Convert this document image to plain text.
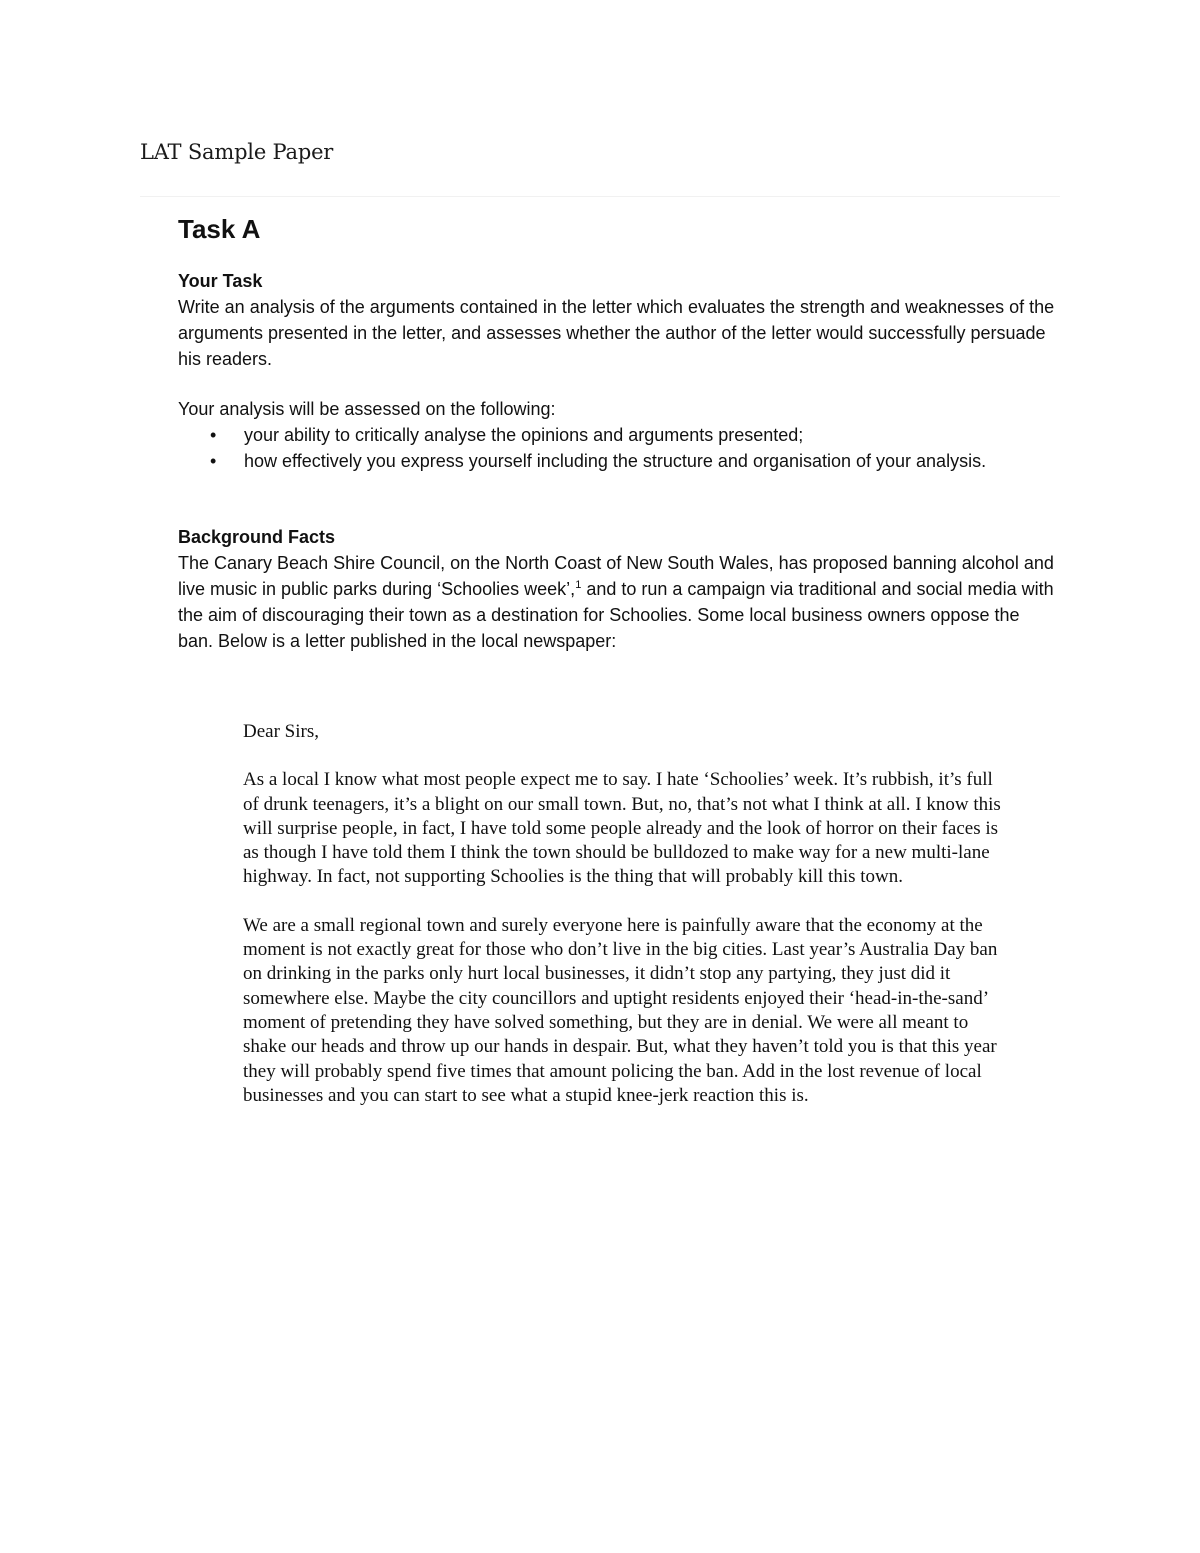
LAT Sample Paper
Task A
Your Task

Write an analysis of the arguments contained in the letter which evaluates the strength and weaknesses of the arguments presented in the letter, and assesses whether the author of the letter would successfully persuade his readers.

Your analysis will be assessed on the following:

• your ability to critically analyse the opinions and arguments presented;
• how effectively you express yourself including the structure and organisation of your analysis.
Background Facts

The Canary Beach Shire Council, on the North Coast of New South Wales, has proposed banning alcohol and live music in public parks during ‘Schoolies week’,$^1$ and to run a campaign via traditional and social media with the aim of discouraging their town as a destination for Schoolies. Some local business owners oppose the ban. Below is a letter published in the local newspaper:

Dear Sirs,

As a local I know what most people expect me to say. I hate ‘Schoolies’ week. It’s rubbish, it’s full of drunk teenagers, it’s a blight on our small town. But, no, that’s not what I think at all. I know this will surprise people, in fact, I have told some people already and the look of horror on their faces is as though I have told them I think the town should be bulldozed to make way for a new multi-lane highway. In fact, not supporting Schoolies is the thing that will probably kill this town.

We are a small regional town and surely everyone here is painfully aware that the economy at the moment is not exactly great for those who don’t live in the big cities. Last year’s Australia Day ban on drinking in the parks only hurt local businesses, it didn’t stop any partying, they just did it somewhere else. Maybe the city councillors and uptight residents enjoyed their ‘head-in-the-sand’ moment of pretending they have solved something, but they are in denial. We were all meant to shake our heads and throw up our hands in despair. But, what they haven’t told you is that this year they will probably spend five times that amount policing the ban. Add in the lost revenue of local businesses and you can start to see what a stupid knee-jerk reaction this is.
